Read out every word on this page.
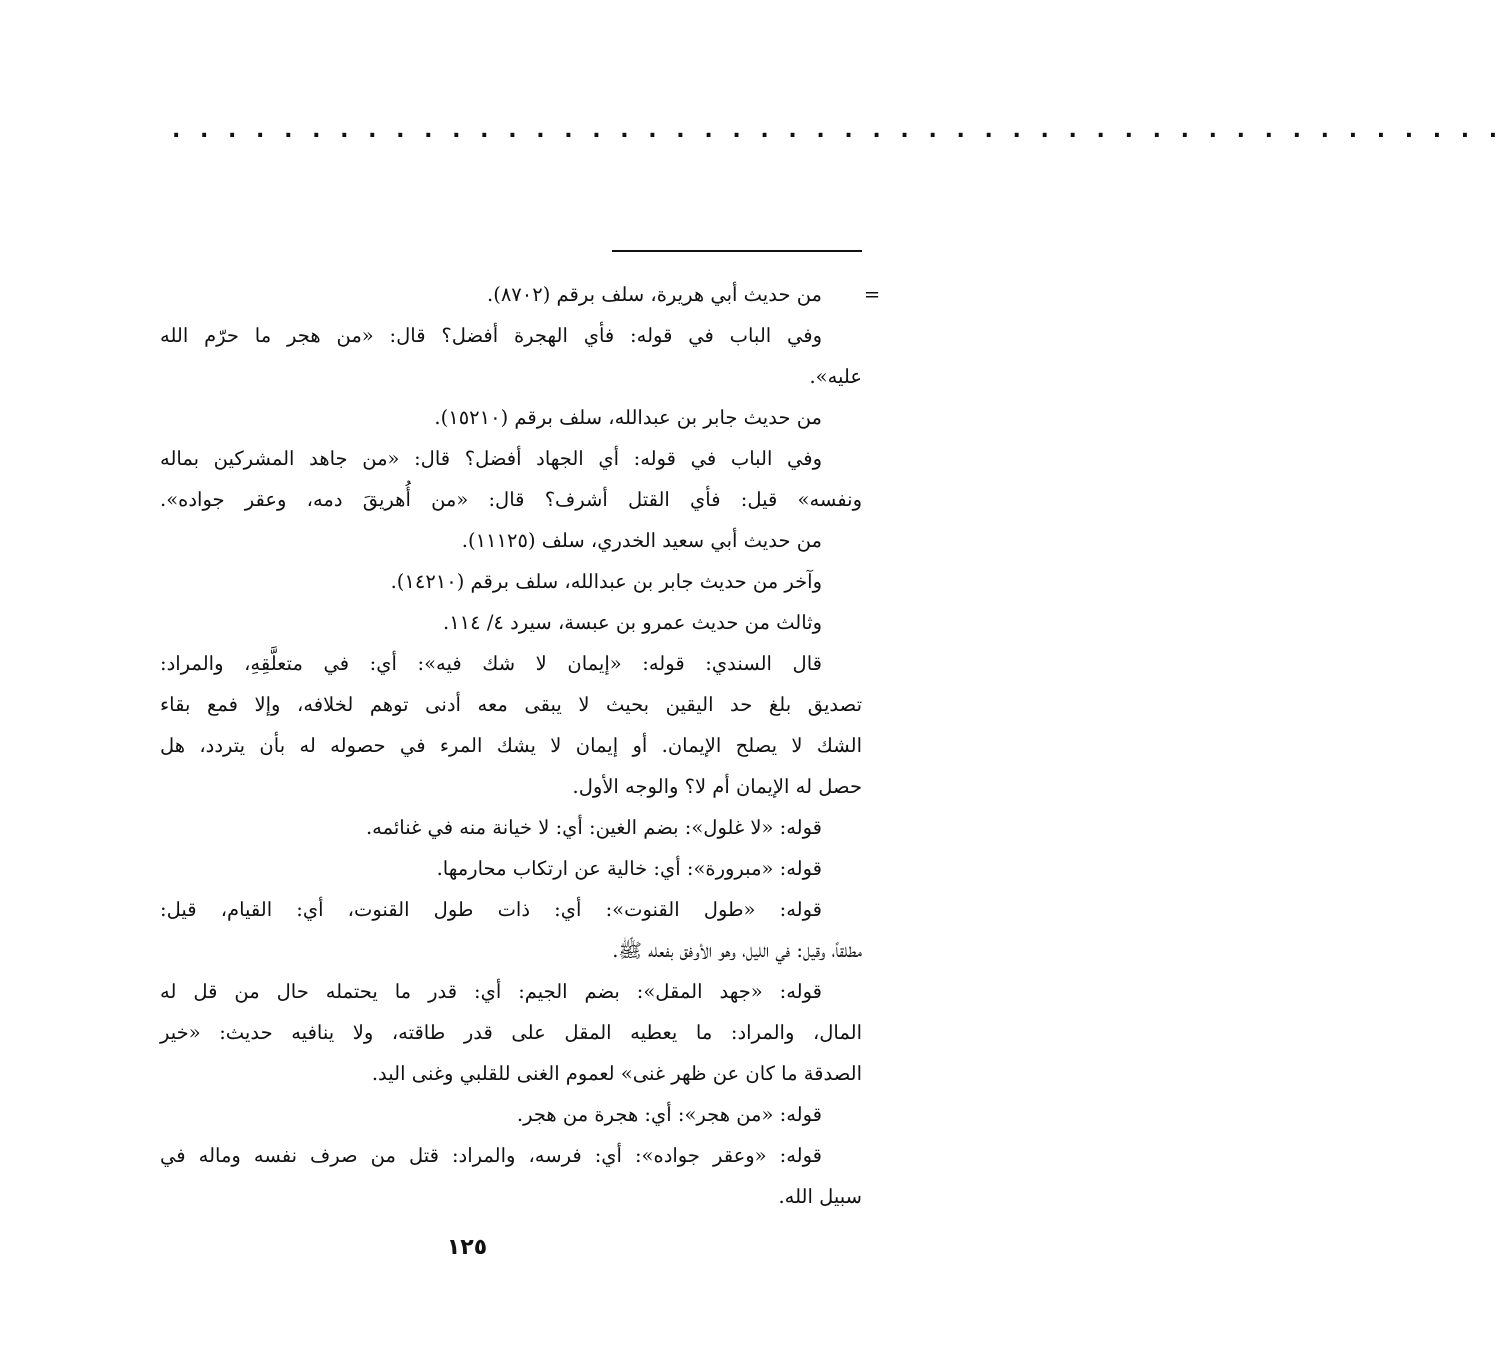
. . . . . . . . . . . . . . . . . . . . . . . . . . . . . . . . . . . . . . . . . . . . . . . .
=

من حديث أبي هريرة، سلف برقم (٨٧٠٢).

وفي الباب في قوله: فأي الهجرة أفضل؟ قال: «من هجر ما حرّم الله

عليه».

من حديث جابر بن عبدالله، سلف برقم (١٥٢١٠).

وفي الباب في قوله: أي الجهاد أفضل؟ قال: «من جاهد المشركين بماله

ونفسه» قيل: فأي القتل أشرف؟ قال: «من أُهريقَ دمه، وعقر جواده».

من حديث أبي سعيد الخدري، سلف (١١١٢٥).

وآخر من حديث جابر بن عبدالله، سلف برقم (١٤٢١٠).

وثالث من حديث عمرو بن عبسة، سيرد ٤/ ١١٤.

قال السندي: قوله: «إيمان لا شك فيه»: أي: في متعلَّقِهِ، والمراد:

تصديق بلغ حد اليقين بحيث لا يبقى معه أدنى توهم لخلافه، وإلا فمع بقاء

الشك لا يصلح الإيمان. أو إيمان لا يشك المرء في حصوله له بأن يتردد، هل

حصل له الإيمان أم لا؟ والوجه الأول.

قوله: «لا غلول»: بضم الغين: أي: لا خيانة منه في غنائمه.

قوله: «مبرورة»: أي: خالية عن ارتكاب محارمها.

قوله: «طول القنوت»: أي: ذات طول القنوت، أي: القيام، قيل:

مطلقاً، وقيل: في الليل، وهو الأوفق بفعله ﷺ.

قوله: «جهد المقل»: بضم الجيم: أي: قدر ما يحتمله حال من قل له

المال، والمراد: ما يعطيه المقل على قدر طاقته، ولا ينافيه حديث: «خير

الصدقة ما كان عن ظهر غنى» لعموم الغنى للقلبي وغنى اليد.

قوله: «من هجر»: أي: هجرة من هجر.

قوله: «وعقر جواده»: أي: فرسه، والمراد: قتل من صرف نفسه وماله في

سبيل الله.

١٢٥
